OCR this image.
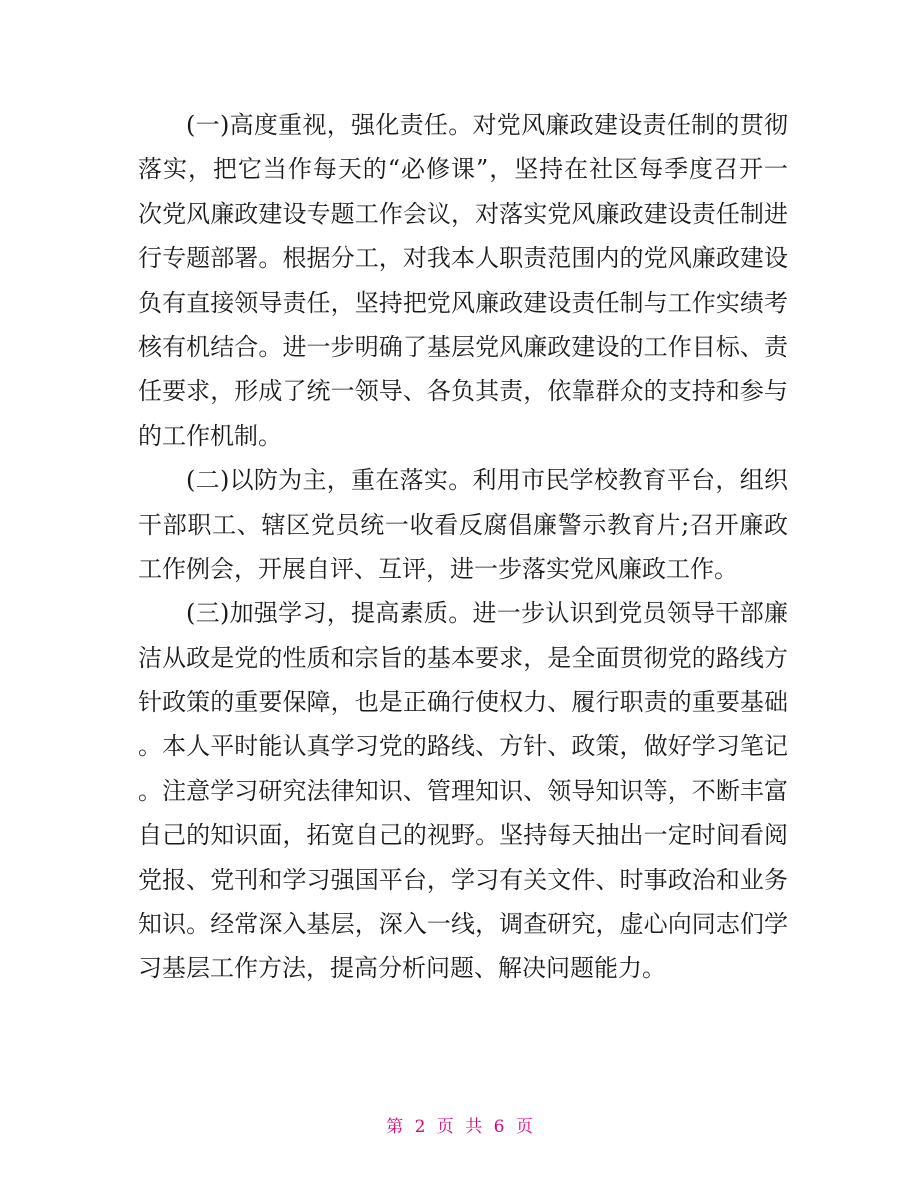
(一)高度重视，强化责任。对党风廉政建设责任制的贯彻
落实，把它当作每天的“必修课”，坚持在社区每季度召开一
次党风廉政建设专题工作会议，对落实党风廉政建设责任制进
行专题部署。根据分工，对我本人职责范围内的党风廉政建设
负有直接领导责任，坚持把党风廉政建设责任制与工作实绩考
核有机结合。进一步明确了基层党风廉政建设的工作目标、责
任要求，形成了统一领导、各负其责，依靠群众的支持和参与
的工作机制。
(二)以防为主，重在落实。利用市民学校教育平台，组织
干部职工、辖区党员统一收看反腐倡廉警示教育片;召开廉政
工作例会，开展自评、互评，进一步落实党风廉政工作。
(三)加强学习，提高素质。进一步认识到党员领导干部廉
洁从政是党的性质和宗旨的基本要求，是全面贯彻党的路线方
针政策的重要保障，也是正确行使权力、履行职责的重要基础
。本人平时能认真学习党的路线、方针、政策，做好学习笔记
。注意学习研究法律知识、管理知识、领导知识等，不断丰富
自己的知识面，拓宽自己的视野。坚持每天抽出一定时间看阅
党报、党刊和学习强国平台，学习有关文件、时事政治和业务
知识。经常深入基层，深入一线，调查研究，虚心向同志们学
习基层工作方法，提高分析问题、解决问题能力。
第 2 页 共 6 页
